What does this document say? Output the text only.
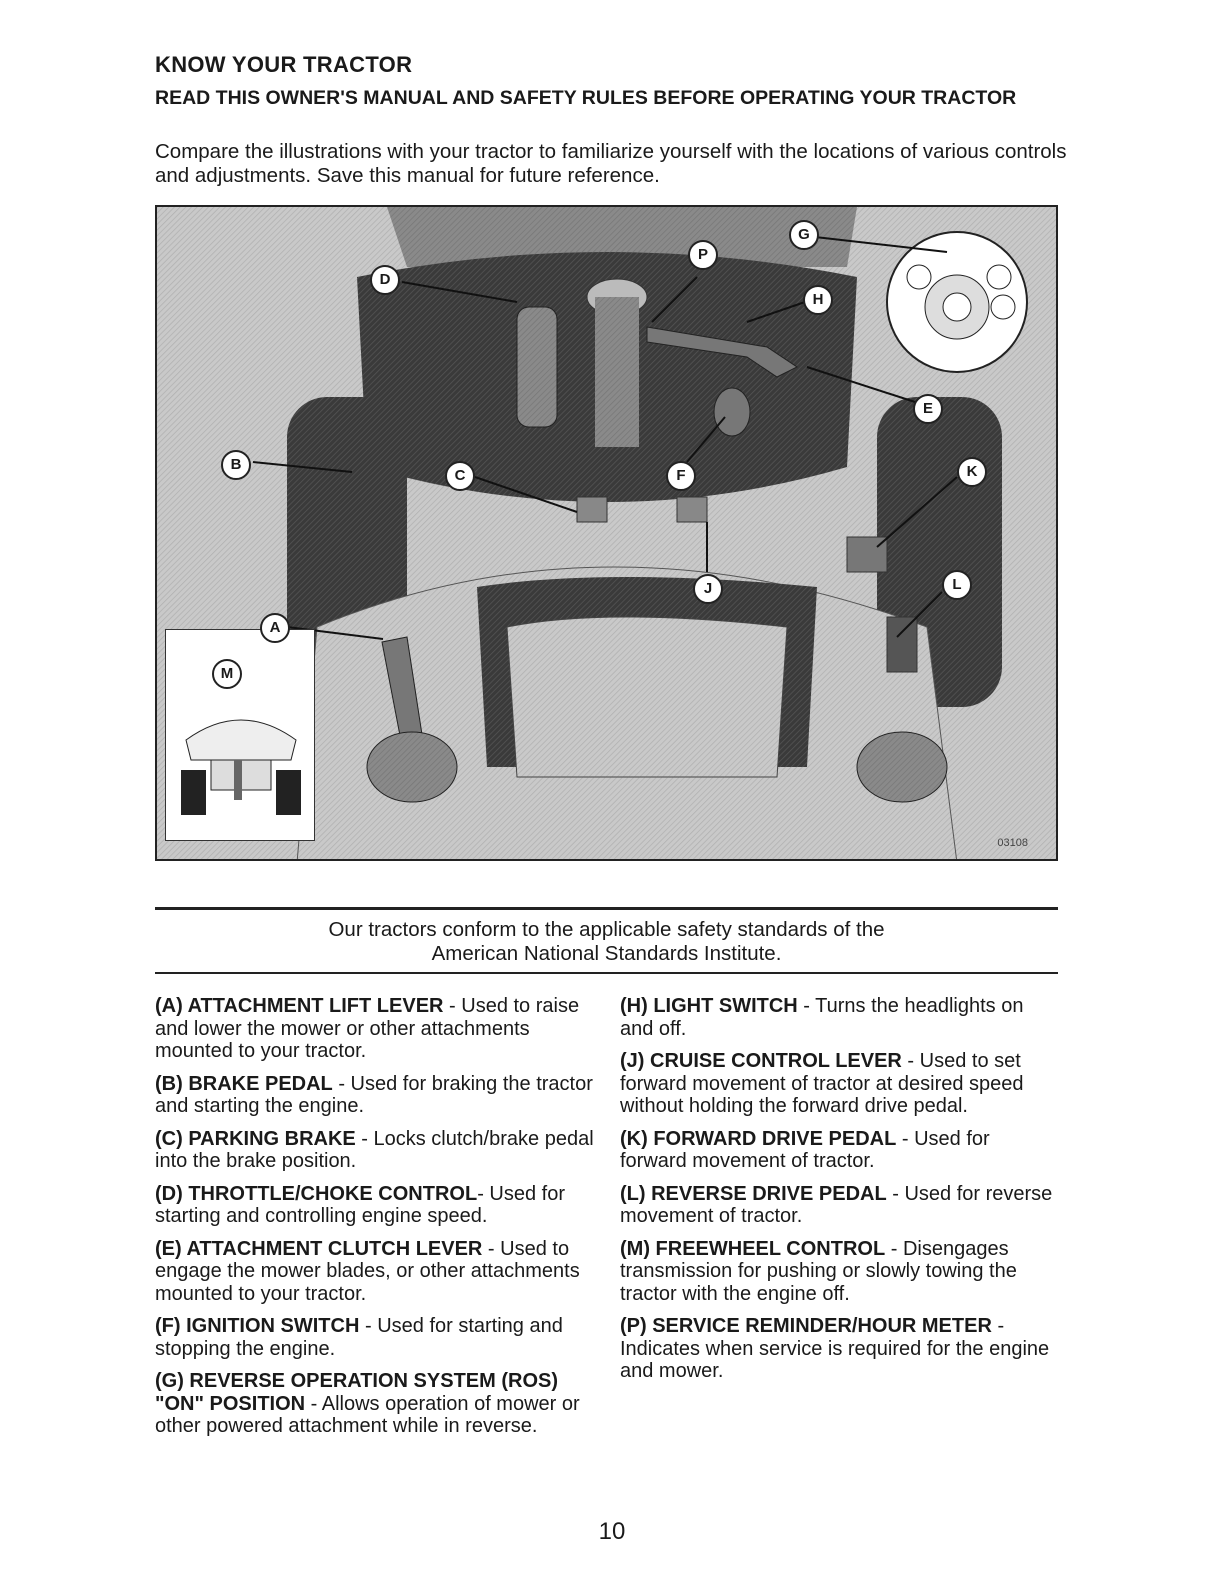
KNOW YOUR TRACTOR
READ THIS OWNER'S MANUAL AND SAFETY RULES BEFORE OPERATING YOUR TRACTOR

Compare the illustrations with your tractor to familiarize yourself with the locations of various controls and adjustments. Save this manual for future reference.

D
P
G
H
E
B
C	F	K
J	L
A
M
03108

Our tractors conform to the applicable safety standards of the
American National Standards Institute.

(A) ATTACHMENT LIFT LEVER - Used to raise and lower the mower or other attachments mounted to your tractor.

(B) BRAKE PEDAL - Used for braking the tractor and starting the engine.

(C) PARKING BRAKE - Locks clutch/brake pedal into the brake position.

(D) THROTTLE/CHOKE CONTROL- Used for starting and controlling engine speed.

(E) ATTACHMENT CLUTCH LEVER - Used to engage the mower blades, or other attachments mounted to your tractor.

(F) IGNITION SWITCH - Used for starting and stopping the engine.

(G) REVERSE OPERATION SYSTEM (ROS) "ON" POSITION - Allows operation of mower or other powered attachment while in reverse.

(H) LIGHT SWITCH - Turns the headlights on and off.

(J) CRUISE CONTROL LEVER - Used to set forward movement of tractor at desired speed without holding the forward drive pedal.

(K) FORWARD DRIVE PEDAL - Used for forward movement of tractor.

(L) REVERSE DRIVE PEDAL - Used for reverse movement of tractor.

(M) FREEWHEEL CONTROL - Disengages transmission for pushing or slowly towing the tractor with the engine off.

(P) SERVICE REMINDER/HOUR METER - Indicates when service is required for the engine and mower.

10
